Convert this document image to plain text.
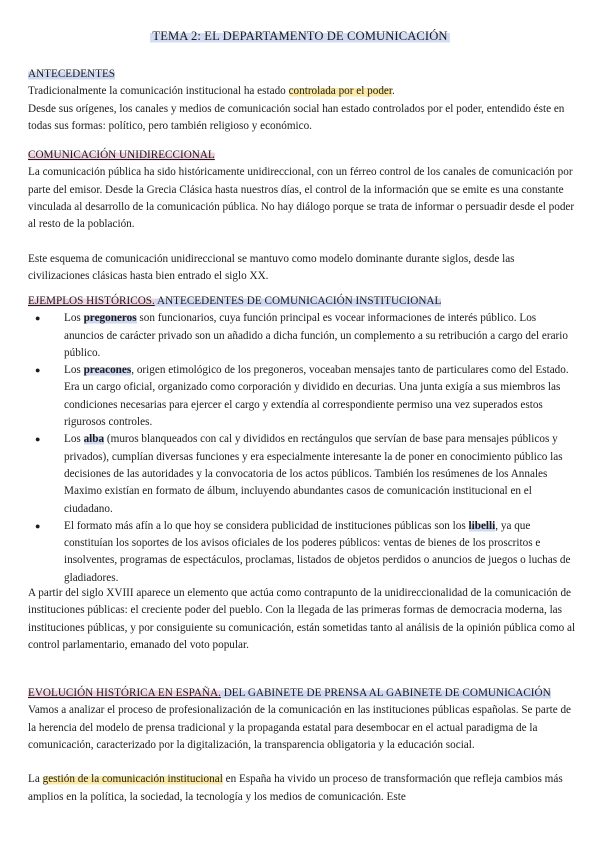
TEMA 2: EL DEPARTAMENTO DE COMUNICACIÓN

ANTECEDENTES

Tradicionalmente la comunicación institucional ha estado controlada por el poder.

Desde sus orígenes, los canales y medios de comunicación social han estado controlados por el poder, entendido éste en todas sus formas: político, pero también religioso y económico.

COMUNICACIÓN UNIDIRECCIONAL

La comunicación pública ha sido históricamente unidireccional, con un férreo control de los canales de comunicación por parte del emisor. Desde la Grecia Clásica hasta nuestros días, el control de la información que se emite es una constante vinculada al desarrollo de la comunicación pública. No hay diálogo porque se trata de informar o persuadir desde el poder al resto de la población.

Este esquema de comunicación unidireccional se mantuvo como modelo dominante durante siglos, desde las civilizaciones clásicas hasta bien entrado el siglo XX.

EJEMPLOS HISTÓRICOS. ANTECEDENTES DE COMUNICACIÓN INSTITUCIONAL

● Los pregoneros son funcionarios, cuya función principal es vocear informaciones de interés público. Los anuncios de carácter privado son un añadido a dicha función, un complemento a su retribución a cargo del erario público.
● Los preacones, origen etimológico de los pregoneros, voceaban mensajes tanto de particulares como del Estado. Era un cargo oficial, organizado como corporación y dividido en decurias. Una junta exigía a sus miembros las condiciones necesarias para ejercer el cargo y extendía al correspondiente permiso una vez superados estos rigurosos controles.
● Los alba (muros blanqueados con cal y divididos en rectángulos que servían de base para mensajes públicos y privados), cumplían diversas funciones y era especialmente interesante la de poner en conocimiento público las decisiones de las autoridades y la convocatoria de los actos públicos. También los resúmenes de los Annales Maximo existían en formato de álbum, incluyendo abundantes casos de comunicación institucional en el ciudadano.
● El formato más afín a lo que hoy se considera publicidad de instituciones públicas son los libelli, ya que constituían los soportes de los avisos oficiales de los poderes públicos: ventas de bienes de los proscritos e insolventes, programas de espectáculos, proclamas, listados de objetos perdidos o anuncios de juegos o luchas de gladiadores.

A partir del siglo XVIII aparece un elemento que actúa como contrapunto de la unidireccionalidad de la comunicación de instituciones públicas: el creciente poder del pueblo. Con la llegada de las primeras formas de democracia moderna, las instituciones públicas, y por consiguiente su comunicación, están sometidas tanto al análisis de la opinión pública como al control parlamentario, emanado del voto popular.

EVOLUCIÓN HISTÓRICA EN ESPAÑA. DEL GABINETE DE PRENSA AL GABINETE DE COMUNICACIÓN

Vamos a analizar el proceso de profesionalización de la comunicación en las instituciones públicas españolas. Se parte de la herencia del modelo de prensa tradicional y la propaganda estatal para desembocar en el actual paradigma de la comunicación, caracterizado por la digitalización, la transparencia obligatoria y la educación social.

La gestión de la comunicación institucional en España ha vivido un proceso de transformación que refleja cambios más amplios en la política, la sociedad, la tecnología y los medios de comunicación. Este
